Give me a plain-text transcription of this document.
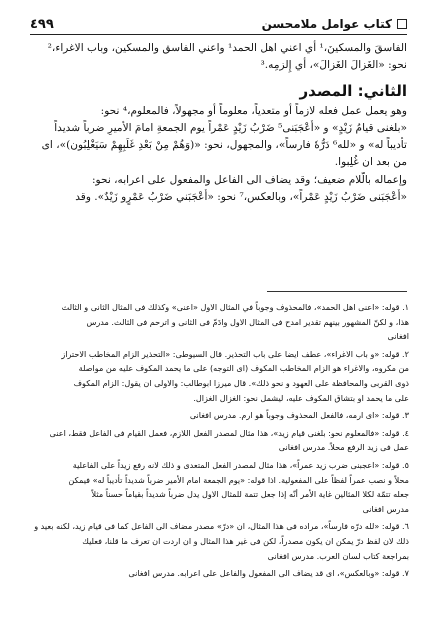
كتاب عوامل ملامحسن
٤٩٩
الفاسقَ والمسكينَ،¹ أي اعني اهل الحمد¹ واعني الفاسق والمسكين، وباب الاغراء،²
نحو: «الغَزالَ الغَزالَ»، أي إِلزمِه.³
الثاني: المصدر
وهو يعمل عمل فعله لازماً أو متعدياً، معلوماً أو مجهولاً، فالمعلوم،⁴ نحو:
«بلغنى قيامُ زَيْدٍ» و «أَعْجَبَنى⁵ ضَرْبُ زَيْدٍ عَمْراً يوم الجمعةِ امامَ الأميرِ ضرباً شديداً
تأديباً له» و «لله⁶ دَرُّهٗ فارساً»، والمجهول، نحو: «(وَهُمْ مِنْ بَعْدِ غَلَبِهِمْ سَيَغْلِبُون)»، اى
من بعد ان غُلِبوا.
وإعماله بالّلام ضعيف؛ وقد يضاف الى الفاعل والمفعول على اعرابه، نحو:
«أَعْجَبَنى ضَرْبُ زَيْدٍ عَمْراً»، وبالعكس،⁷ نحو: «أَعْجَبَني ضَرْبُ عَمْرٍو زَيْدٌ». وقد
١. قوله: «اعنى اهل الحمد»، فالمحذوف وجوباً في المثال الاول «اعنى» وكذلك فى المثال الثانى و الثالث
هذا، و لكنّ المشهور بينهم تقدير امدح فى المثال الاول وادَمّ فى الثانى و اترحم فى الثالث. مدرس
افغانى
٢. قوله: «و باب الاغراء»، عطف ايضا على باب التحذير. قال السيوطى: «التحذير الزام المخاطب الاحتراز
من مكروه، والاغراء هو الزام المخاطب المكوف (اى التوجه) على ما يحمد المكوف عليه من مواصلة
ذوى القربى والمحافظة على العهود و نحو ذلك». قال ميرزا ابوطالب: والاولى ان يقول: الزام المكوف
على ما يحمد او بتشاق المكوف عليه، ليشمل نحو: الغزال الغزال.
٣. قوله: «اى ارمه، فالفعل المحذوف وجوباً هو ارم. مدرس افغانى
٤. قوله: «فالمعلوم نحو: بلغنى قيام زيد»، هذا مثال لمصدر الفعل اللازم، فعمل القيام فى الفاعل فقط، اعنى
عمل فى زيد الرفع محلاً. مدرس افغانى
٥. قوله: «اعجبنى ضرب زيد عمراً»، هذا مثال لمصدر الفعل المتعدى و ذلك لانه رفع زيداً على الفاعلية
محلاً و نصب عمراً لفظاً على المفعولية. اذا قوله: «يوم الجمعة امام الأمير ضرباً شديداً تأديباً له» فيمكن
جعله تتمّة لكلا المثالين غاية الأمر أنّه إذا جعل تتمة للمثال الاول يدل ضرباً شديداً بقياماً حسناً مثلاً
مدرس افغانى
٦. قوله: «لله درّه فارساً»، مراده فى هذا المثال، ان «درّ» مصدر مضاف الى الفاعل كما فى قيام زيد، لكنه بعيد و
ذلك لان لفظ درّ يمكن ان يكون مصدراً، لكن فى غير هذا المثال و ان اردت ان تعرف ما قلنا، فعليك
بمراجعة كتاب لسان العرب. مدرس افغانى
٧. قوله: «وبالعكس»، اى قد يضاف الى المفعول والفاعل على اعرابه. مدرس افغانى
